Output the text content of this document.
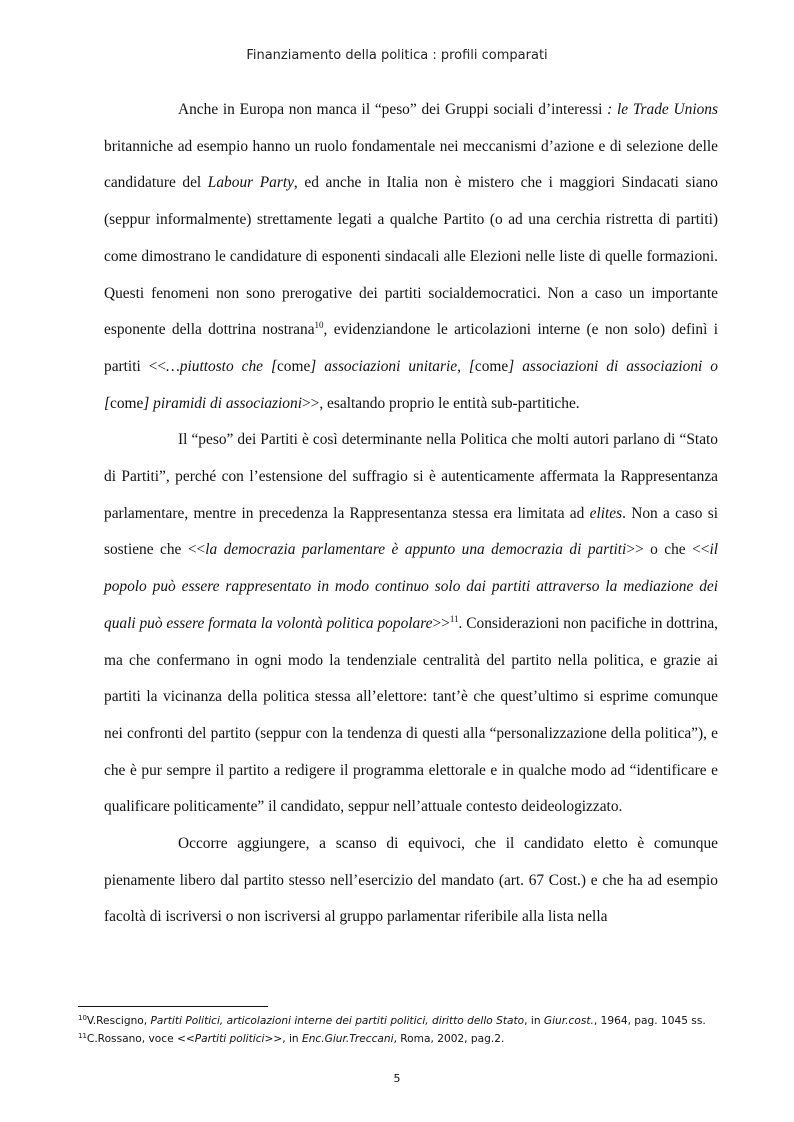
Finanziamento della politica : profili comparati

Anche in Europa non manca il “peso” dei Gruppi sociali d’interessi : le Trade Unions britanniche ad esempio hanno un ruolo fondamentale nei meccanismi d’azione e di selezione delle candidature del Labour Party, ed anche in Italia non è mistero che i maggiori Sindacati siano (seppur informalmente) strettamente legati a qualche Partito (o ad una cerchia ristretta di partiti) come dimostrano le candidature di esponenti sindacali alle Elezioni nelle liste di quelle formazioni. Questi fenomeni non sono prerogative dei partiti socialdemocratici. Non a caso un importante esponente della dottrina nostrana$^{10}$, evidenziandone le articolazioni interne (e non solo) definì i partiti <<…piuttosto che [come] associazioni unitarie, [come] associazioni di associazioni o [come] piramidi di associazioni>>, esaltando proprio le entità sub-partitiche.

Il “peso” dei Partiti è così determinante nella Politica che molti autori parlano di “Stato di Partiti”, perché con l’estensione del suffragio si è autenticamente affermata la Rappresentanza parlamentare, mentre in precedenza la Rappresentanza stessa era limitata ad elites. Non a caso si sostiene che <<la democrazia parlamentare è appunto una democrazia di partiti>> o che <<il popolo può essere rappresentato in modo continuo solo dai partiti attraverso la mediazione dei quali può essere formata la volontà politica popolare>>$^{11}$. Considerazioni non pacifiche in dottrina, ma che confermano in ogni modo la tendenziale centralità del partito nella politica, e grazie ai partiti la vicinanza della politica stessa all’elettore: tant’è che quest’ultimo si esprime comunque nei confronti del partito (seppur con la tendenza di questi alla “personalizzazione della politica”), e che è pur sempre il partito a redigere il programma elettorale e in qualche modo ad “identificare e qualificare politicamente” il candidato, seppur nell’attuale contesto deideologizzato.

Occorre aggiungere, a scanso di equivoci, che il candidato eletto è comunque pienamente libero dal partito stesso nell’esercizio del mandato (art. 67 Cost.) e che ha ad esempio facoltà di iscriversi o non iscriversi al gruppo parlamentar riferibile alla lista nella

$^{10}$V.Rescigno, Partiti Politici, articolazioni interne dei partiti politici, diritto dello Stato, in Giur.cost., 1964, pag. 1045 ss.
$^{11}$C.Rossano, voce <<Partiti politici>>, in Enc.Giur.Treccani, Roma, 2002, pag.2.
5
